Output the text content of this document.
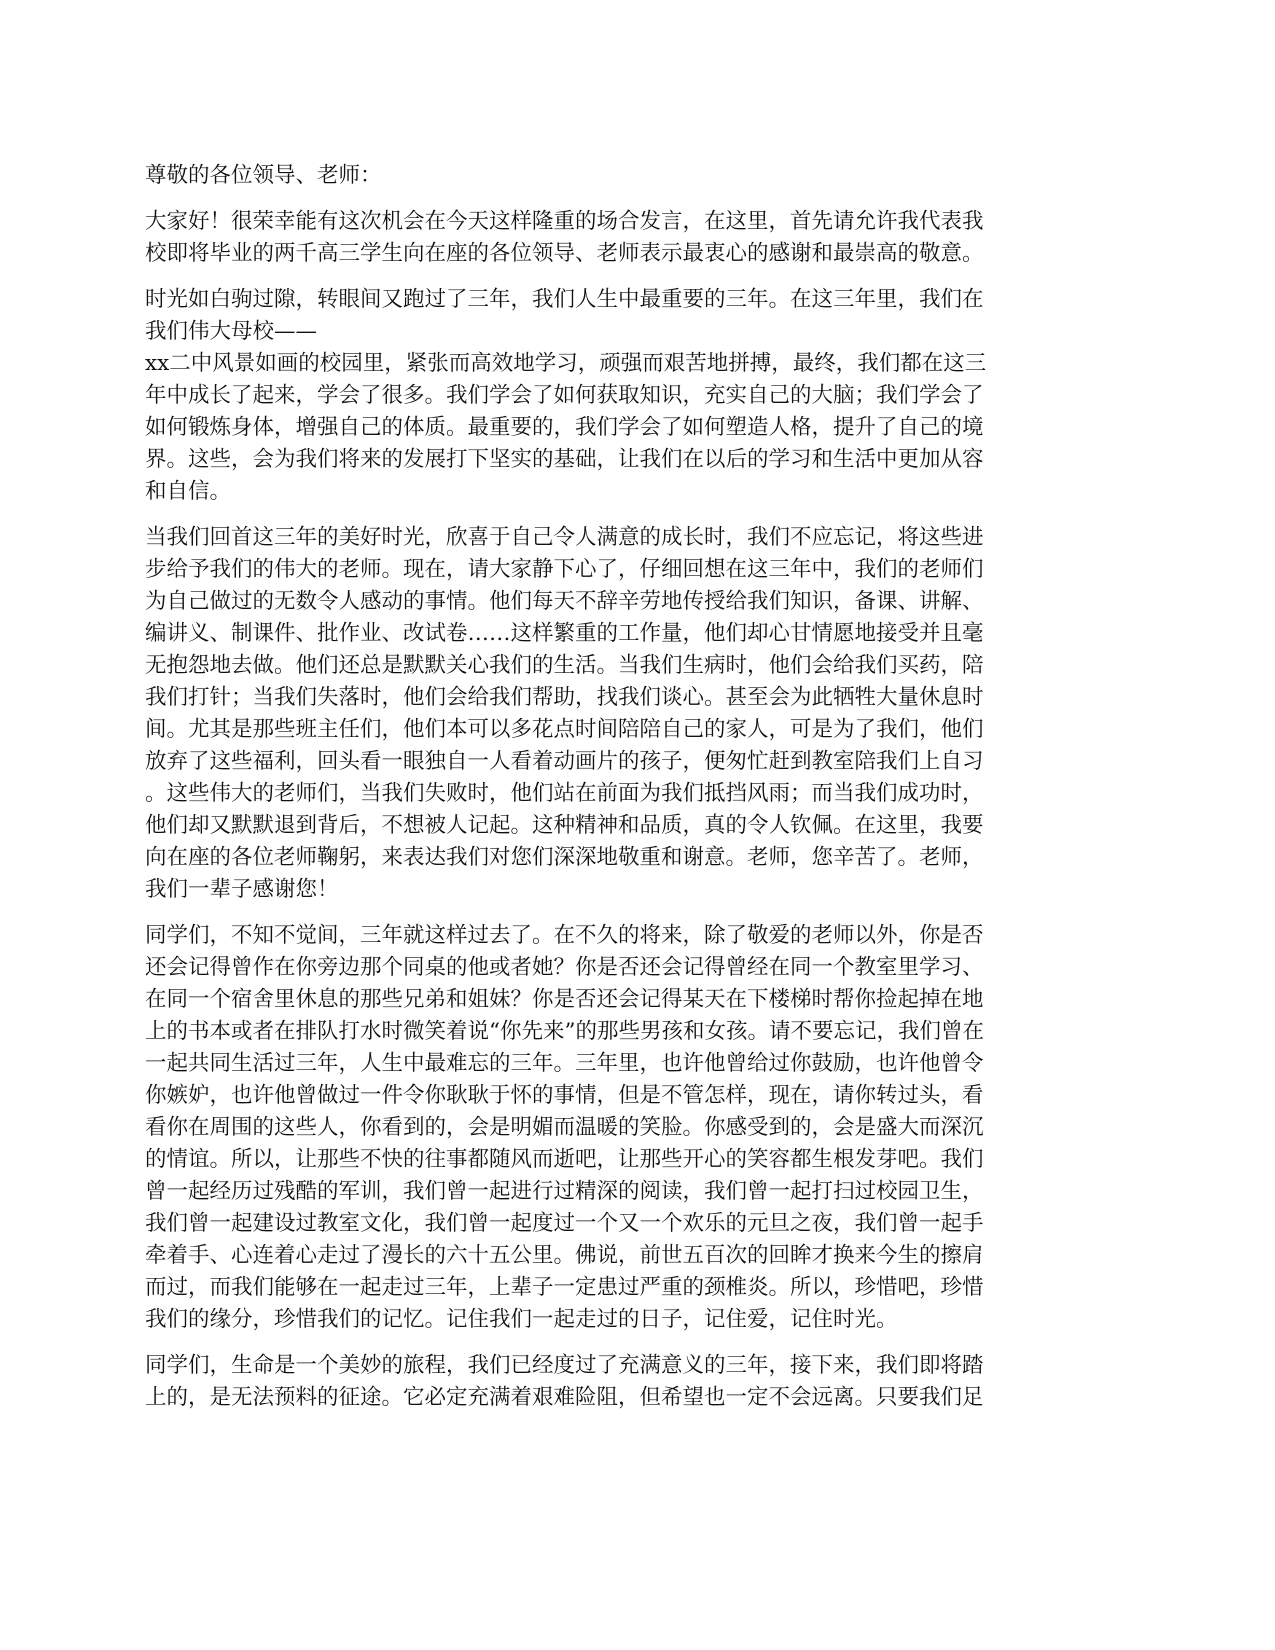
尊敬的各位领导、老师：
大家好！很荣幸能有这次机会在今天这样隆重的场合发言，在这里，首先请允许我代表我
校即将毕业的两千高三学生向在座的各位领导、老师表示最衷心的感谢和最崇高的敬意。
时光如白驹过隙，转眼间又跑过了三年，我们人生中最重要的三年。在这三年里，我们在
我们伟大母校——
xx二中风景如画的校园里，紧张而高效地学习，顽强而艰苦地拼搏，最终，我们都在这三
年中成长了起来，学会了很多。我们学会了如何获取知识，充实自己的大脑；我们学会了
如何锻炼身体，增强自己的体质。最重要的，我们学会了如何塑造人格，提升了自己的境
界。这些，会为我们将来的发展打下坚实的基础，让我们在以后的学习和生活中更加从容
和自信。
当我们回首这三年的美好时光，欣喜于自己令人满意的成长时，我们不应忘记，将这些进
步给予我们的伟大的老师。现在，请大家静下心了，仔细回想在这三年中，我们的老师们
为自己做过的无数令人感动的事情。他们每天不辞辛劳地传授给我们知识，备课、讲解、
编讲义、制课件、批作业、改试卷……这样繁重的工作量，他们却心甘情愿地接受并且毫
无抱怨地去做。他们还总是默默关心我们的生活。当我们生病时，他们会给我们买药，陪
我们打针；当我们失落时，他们会给我们帮助，找我们谈心。甚至会为此牺牲大量休息时
间。尤其是那些班主任们，他们本可以多花点时间陪陪自己的家人，可是为了我们，他们
放弃了这些福利，回头看一眼独自一人看着动画片的孩子，便匆忙赶到教室陪我们上自习
。这些伟大的老师们，当我们失败时，他们站在前面为我们抵挡风雨；而当我们成功时，
他们却又默默退到背后，不想被人记起。这种精神和品质，真的令人钦佩。在这里，我要
向在座的各位老师鞠躬，来表达我们对您们深深地敬重和谢意。老师，您辛苦了。老师，
我们一辈子感谢您！
同学们，不知不觉间，三年就这样过去了。在不久的将来，除了敬爱的老师以外，你是否
还会记得曾作在你旁边那个同桌的他或者她？你是否还会记得曾经在同一个教室里学习、
在同一个宿舍里休息的那些兄弟和姐妹？你是否还会记得某天在下楼梯时帮你捡起掉在地
上的书本或者在排队打水时微笑着说“你先来”的那些男孩和女孩。请不要忘记，我们曾在
一起共同生活过三年，人生中最难忘的三年。三年里，也许他曾给过你鼓励，也许他曾令
你嫉妒，也许他曾做过一件令你耿耿于怀的事情，但是不管怎样，现在，请你转过头，看
看你在周围的这些人，你看到的，会是明媚而温暖的笑脸。你感受到的，会是盛大而深沉
的情谊。所以，让那些不快的往事都随风而逝吧，让那些开心的笑容都生根发芽吧。我们
曾一起经历过残酷的军训，我们曾一起进行过精深的阅读，我们曾一起打扫过校园卫生，
我们曾一起建设过教室文化，我们曾一起度过一个又一个欢乐的元旦之夜，我们曾一起手
牵着手、心连着心走过了漫长的六十五公里。佛说，前世五百次的回眸才换来今生的擦肩
而过，而我们能够在一起走过三年，上辈子一定患过严重的颈椎炎。所以，珍惜吧，珍惜
我们的缘分，珍惜我们的记忆。记住我们一起走过的日子，记住爱，记住时光。
同学们，生命是一个美妙的旅程，我们已经度过了充满意义的三年，接下来，我们即将踏
上的，是无法预料的征途。它必定充满着艰难险阻，但希望也一定不会远离。只要我们足
